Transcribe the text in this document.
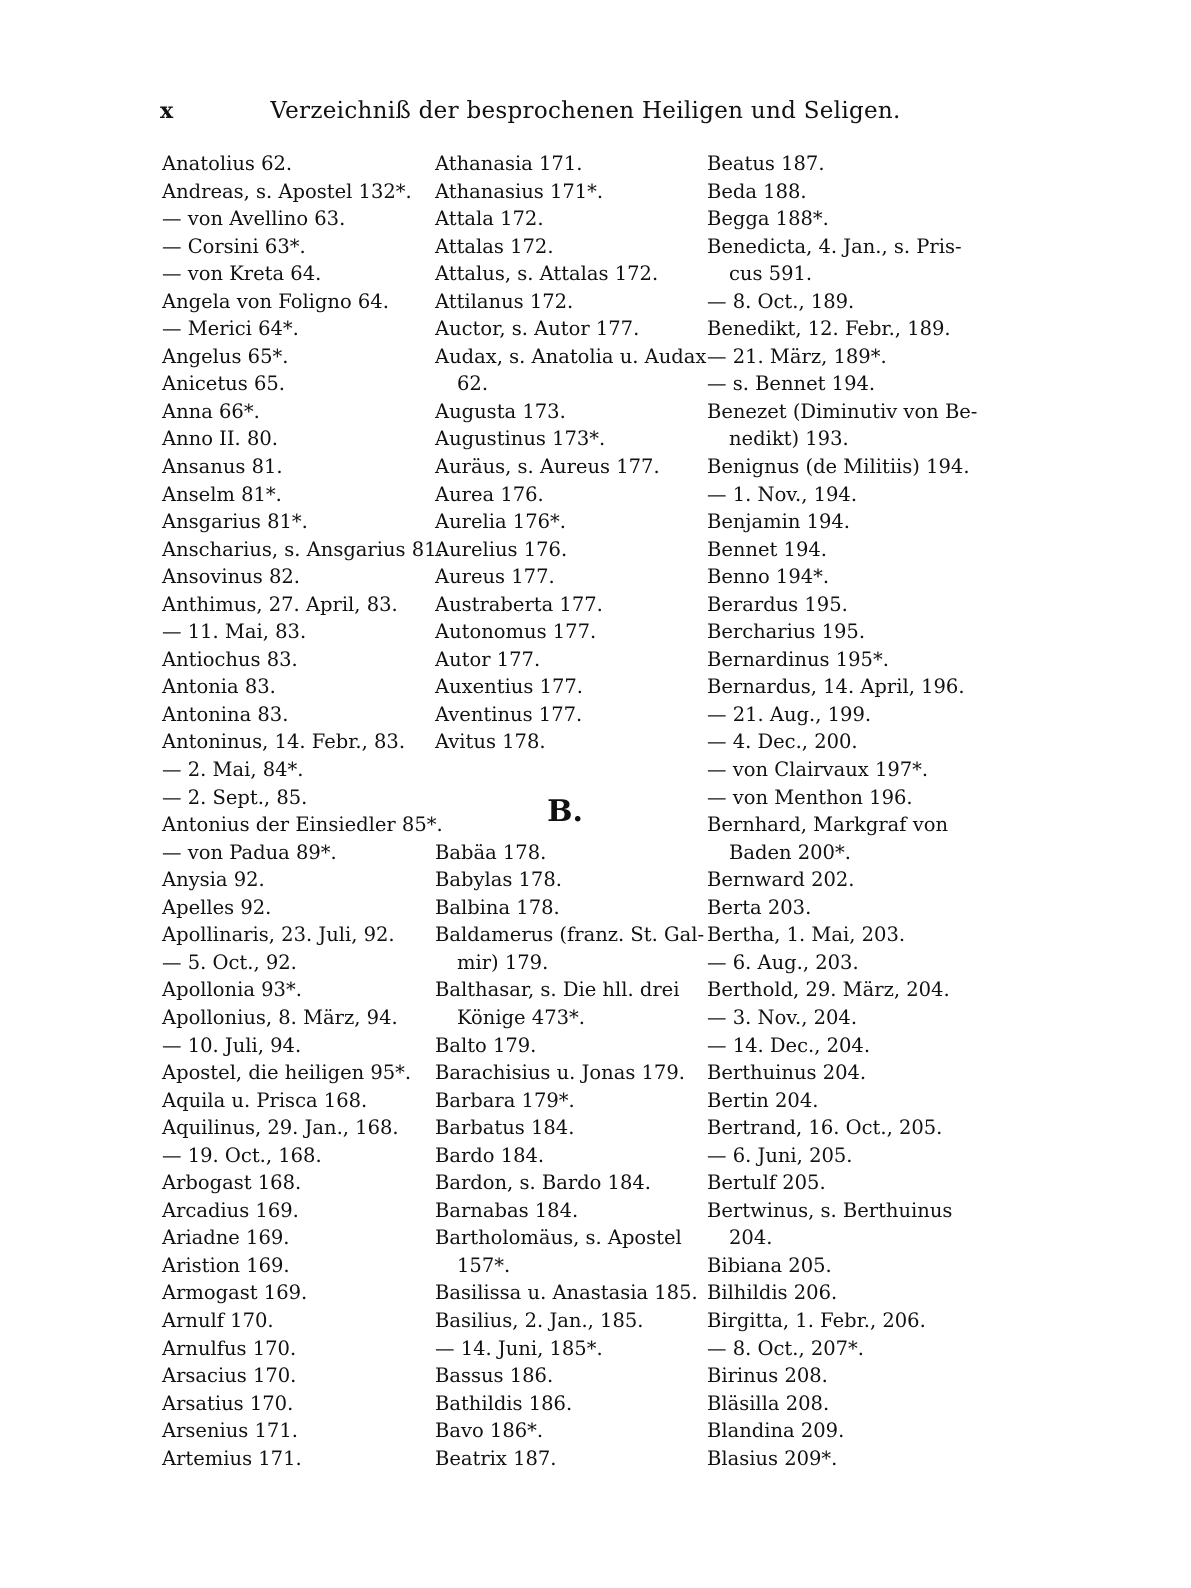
x	Verzeichniß der besprochenen Heiligen und Seligen.
Anatolius 62.
Andreas, s. Apostel 132*.
— von Avellino 63.
— Corsini 63*.
— von Kreta 64.
Angela von Foligno 64.
— Merici 64*.
Angelus 65*.
Anicetus 65.
Anna 66*.
Anno II. 80.
Ansanus 81.
Anselm 81*.
Ansgarius 81*.
Anscharius, s. Ansgarius 81.
Ansovinus 82.
Anthimus, 27. April, 83.
— 11. Mai, 83.
Antiochus 83.
Antonia 83.
Antonina 83.
Antoninus, 14. Febr., 83.
— 2. Mai, 84*.
— 2. Sept., 85.
Antonius der Einsiedler 85*.
— von Padua 89*.
Anysia 92.
Apelles 92.
Apollinaris, 23. Juli, 92.
— 5. Oct., 92.
Apollonia 93*.
Apollonius, 8. März, 94.
— 10. Juli, 94.
Apostel, die heiligen 95*.
Aquila u. Prisca 168.
Aquilinus, 29. Jan., 168.
— 19. Oct., 168.
Arbogast 168.
Arcadius 169.
Ariadne 169.
Aristion 169.
Armogast 169.
Arnulf 170.
Arnulfus 170.
Arsacius 170.
Arsatius 170.
Arsenius 171.
Artemius 171.
Athanasia 171.
Athanasius 171*.
Attala 172.
Attalas 172.
Attalus, s. Attalas 172.
Attilanus 172.
Auctor, s. Autor 177.
Audax, s. Anatolia u. Audax
62.
Augusta 173.
Augustinus 173*.
Auräus, s. Aureus 177.
Aurea 176.
Aurelia 176*.
Aurelius 176.
Aureus 177.
Austraberta 177.
Autonomus 177.
Autor 177.
Auxentius 177.
Aventinus 177.
Avitus 178.
B.
Babäa 178.
Babylas 178.
Balbina 178.
Baldamerus (franz. St. Gal-
mir) 179.
Balthasar, s. Die hll. drei
Könige 473*.
Balto 179.
Barachisius u. Jonas 179.
Barbara 179*.
Barbatus 184.
Bardo 184.
Bardon, s. Bardo 184.
Barnabas 184.
Bartholomäus, s. Apostel
157*.
Basilissa u. Anastasia 185.
Basilius, 2. Jan., 185.
— 14. Juni, 185*.
Bassus 186.
Bathildis 186.
Bavo 186*.
Beatrix 187.
Beatus 187.
Beda 188.
Begga 188*.
Benedicta, 4. Jan., s. Pris-
cus 591.
— 8. Oct., 189.
Benedikt, 12. Febr., 189.
— 21. März, 189*.
— s. Bennet 194.
Benezet (Diminutiv von Be-
nedikt) 193.
Benignus (de Militiis) 194.
— 1. Nov., 194.
Benjamin 194.
Bennet 194.
Benno 194*.
Berardus 195.
Bercharius 195.
Bernardinus 195*.
Bernardus, 14. April, 196.
— 21. Aug., 199.
— 4. Dec., 200.
— von Clairvaux 197*.
— von Menthon 196.
Bernhard, Markgraf von
Baden 200*.
Bernward 202.
Berta 203.
Bertha, 1. Mai, 203.
— 6. Aug., 203.
Berthold, 29. März, 204.
— 3. Nov., 204.
— 14. Dec., 204.
Berthuinus 204.
Bertin 204.
Bertrand, 16. Oct., 205.
— 6. Juni, 205.
Bertulf 205.
Bertwinus, s. Berthuinus
204.
Bibiana 205.
Bilhildis 206.
Birgitta, 1. Febr., 206.
— 8. Oct., 207*.
Birinus 208.
Bläsilla 208.
Blandina 209.
Blasius 209*.
